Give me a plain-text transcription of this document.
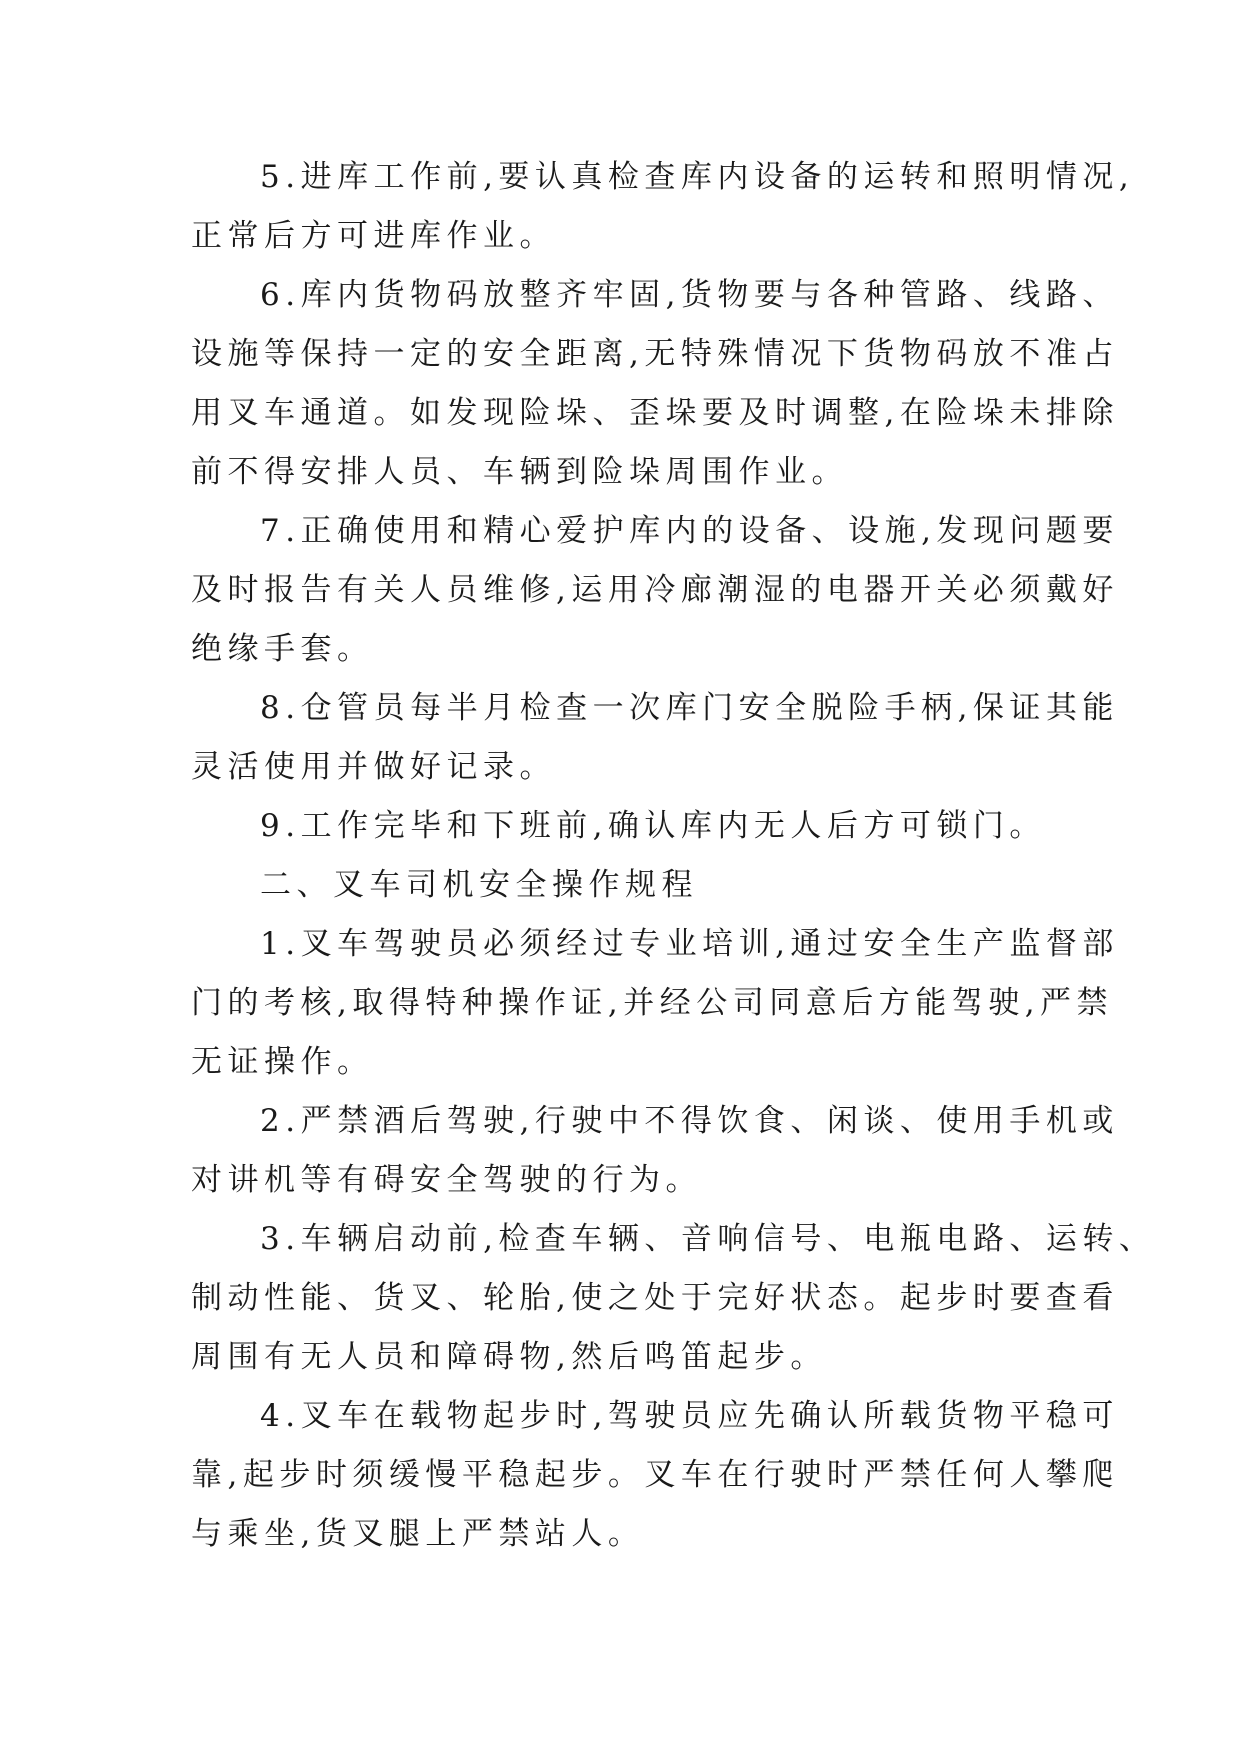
5.进库工作前,要认真检查库内设备的运转和照明情况,

正常后方可进库作业。

6.库内货物码放整齐牢固,货物要与各种管路、线路、

设施等保持一定的安全距离,无特殊情况下货物码放不准占

用叉车通道。如发现险垛、歪垛要及时调整,在险垛未排除

前不得安排人员、车辆到险垛周围作业。

7.正确使用和精心爱护库内的设备、设施,发现问题要

及时报告有关人员维修,运用冷廊潮湿的电器开关必须戴好

绝缘手套。

8.仓管员每半月检查一次库门安全脱险手柄,保证其能

灵活使用并做好记录。

9.工作完毕和下班前,确认库内无人后方可锁门。

二、叉车司机安全操作规程

1.叉车驾驶员必须经过专业培训,通过安全生产监督部

门的考核,取得特种操作证,并经公司同意后方能驾驶,严禁

无证操作。

2.严禁酒后驾驶,行驶中不得饮食、闲谈、使用手机或

对讲机等有碍安全驾驶的行为。

3.车辆启动前,检查车辆、音响信号、电瓶电路、运转、

制动性能、货叉、轮胎,使之处于完好状态。起步时要查看

周围有无人员和障碍物,然后鸣笛起步。

4.叉车在载物起步时,驾驶员应先确认所载货物平稳可

靠,起步时须缓慢平稳起步。叉车在行驶时严禁任何人攀爬

与乘坐,货叉腿上严禁站人。
